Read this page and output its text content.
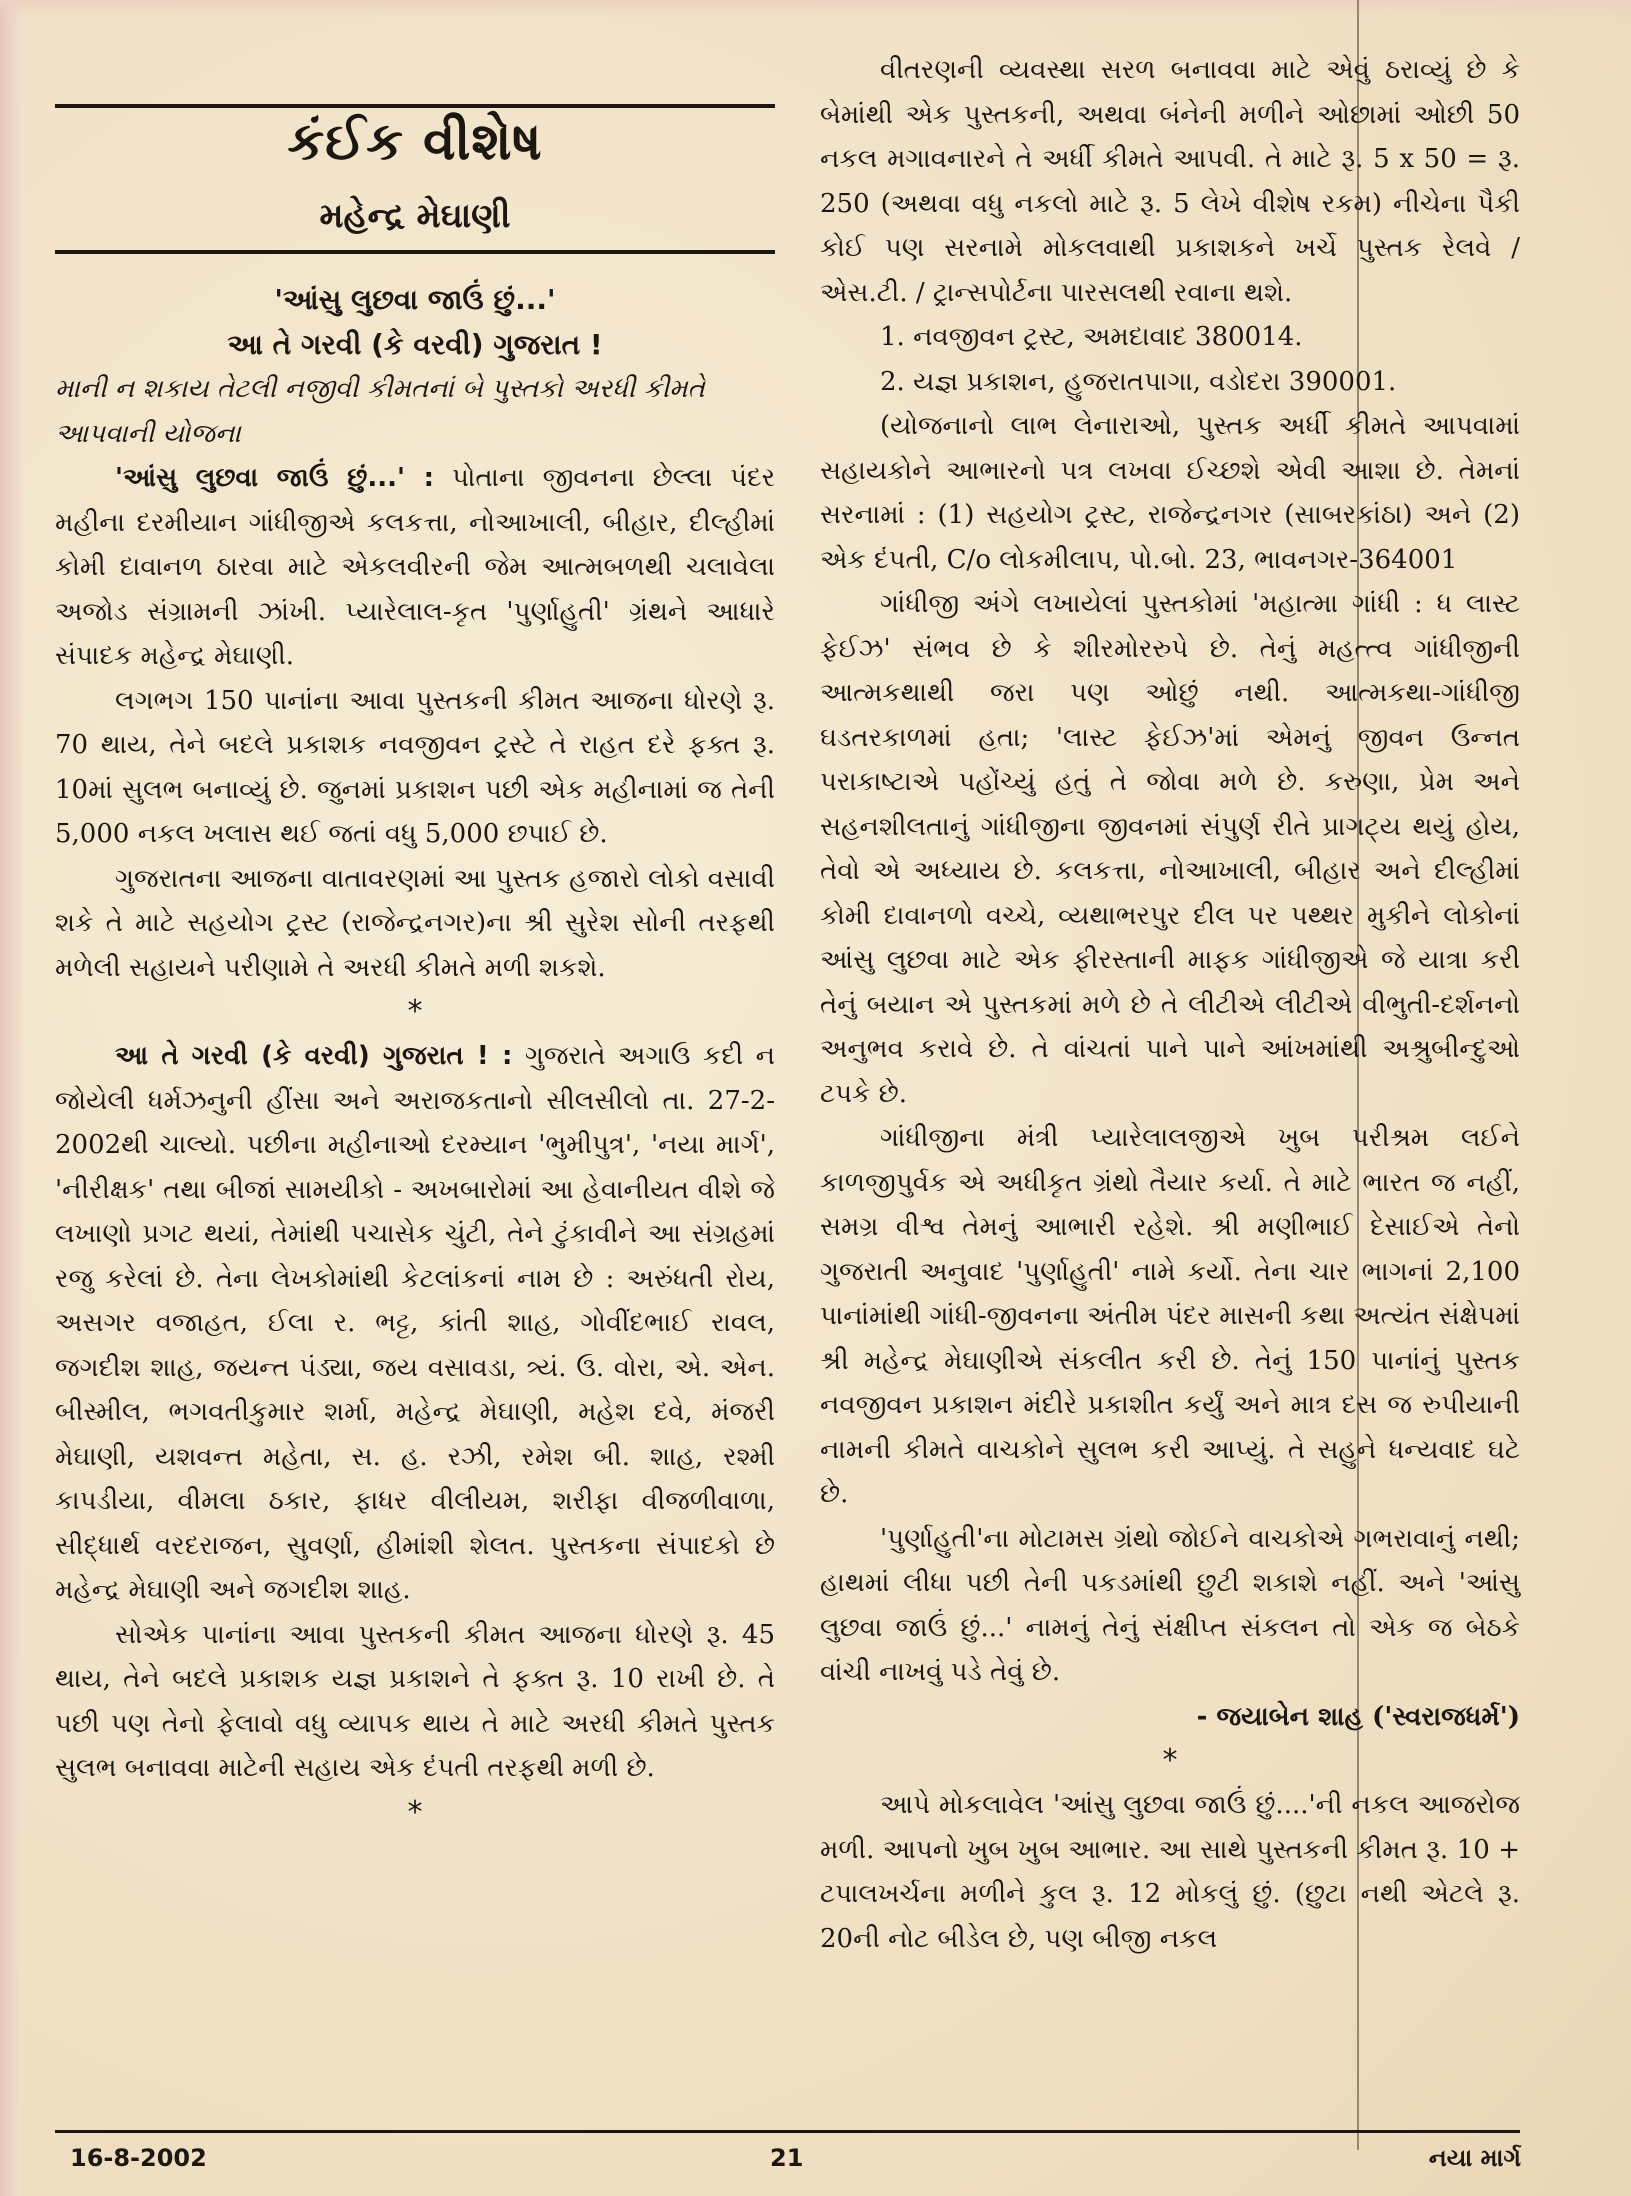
કંઈક વીશેષ
મહેન્દ્ર મેઘાણી

'આંસુ લુછવા જાઉં છું...'

આ તે ગરવી (કે વરવી) ગુજરાત !

માની ન શકાય તેટલી નજીવી કીમતનાં બે પુસ્તકો અરધી કીમતે આપવાની યોજના

'આંસુ લુછવા જાઉં છું...' : પોતાના જીવનના છેલ્લા પંદર મહીના દરમીયાન ગાંધીજીએ કલકત્તા, નોઆખાલી, બીહાર, દીલ્હીમાં કોમી દાવાનળ ઠારવા માટે એકલવીરની જેમ આત્મબળથી ચલાવેલા અજોડ સંગ્રામની ઝાંખી. પ્યારેલાલ-કૃત 'પુર્ણાહુતી' ગ્રંથને આધારે સંપાદક મહેન્દ્ર મેઘાણી.

લગભગ 150 પાનાંના આવા પુસ્તકની કીમત આજના ધોરણે રૂ. 70 થાય, તેને બદલે પ્રકાશક નવજીવન ટ્રસ્ટે તે રાહત દરે ફક્ત રૂ. 10માં સુલભ બનાવ્યું છે. જુનમાં પ્રકાશન પછી એક મહીનામાં જ તેની 5,000 નકલ ખલાસ થઈ જતાં વધુ 5,000 છપાઈ છે.

ગુજરાતના આજના વાતાવરણમાં આ પુસ્તક હજારો લોકો વસાવી શકે તે માટે સહયોગ ટ્રસ્ટ (રાજેન્દ્રનગર)ના શ્રી સુરેશ સોની તરફથી મળેલી સહાયને પરીણામે તે અરધી કીમતે મળી શકશે.

*

આ તે ગરવી (કે વરવી) ગુજરાત ! : ગુજરાતે અગાઉ કદી ન જોયેલી ધર્મઝનુની હીંસા અને અરાજકતાનો સીલસીલો તા. 27-2-2002થી ચાલ્યો. પછીના મહીનાઓ દરમ્યાન 'ભુમીપુત્ર', 'નયા માર્ગ', 'નીરીક્ષક' તથા બીજાં સામયીકો - અખબારોમાં આ હેવાનીયત વીશે જે લખાણો પ્રગટ થયાં, તેમાંથી પચાસેક ચુંટી, તેને ટુંકાવીને આ સંગ્રહમાં રજુ કરેલાં છે. તેના લેખકોમાંથી કેટલાંકનાં નામ છે : અરુંધતી રોય, અસગર વજાહત, ઈલા ર. ભટ્ટ, કાંતી શાહ, ગોવીંદભાઈ રાવલ, જગદીશ શાહ, જયન્ત પંડ્યા, જય વસાવડા, ત્ર્યં. ઉ. વોરા, એ. એન. બીસ્મીલ, ભગવતીકુમાર શર્મા, મહેન્દ્ર મેઘાણી, મહેશ દવે, મંજરી મેઘાણી, યશવન્ત મહેતા, સ. હ. રઝી, રમેશ બી. શાહ, રશ્મી કાપડીયા, વીમલા ઠકાર, ફાધર વીલીયમ, શરીફા વીજળીવાળા, સીદ્ધાર્થ વરદરાજન, સુવર્ણા, હીમાંશી શેલત. પુસ્તકના સંપાદકો છે મહેન્દ્ર મેઘાણી અને જગદીશ શાહ.

સોએક પાનાંના આવા પુસ્તકની કીમત આજના ધોરણે રૂ. 45 થાય, તેને બદલે પ્રકાશક યજ્ઞ પ્રકાશને તે ફક્ત રૂ. 10 રાખી છે. તે પછી પણ તેનો ફેલાવો વધુ વ્યાપક થાય તે માટે અરધી કીમતે પુસ્તક સુલભ બનાવવા માટેની સહાય એક દંપતી તરફથી મળી છે.

*

વીતરણની વ્યવસ્થા સરળ બનાવવા માટે એવું ઠરાવ્યું છે કે બેમાંથી એક પુસ્તકની, અથવા બંનેની મળીને ઓછામાં ઓછી 50 નકલ મગાવનારને તે અર્ધી કીમતે આપવી. તે માટે રૂ. 5 x 50 = રૂ. 250 (અથવા વધુ નકલો માટે રૂ. 5 લેખે વીશેષ રકમ) નીચેના પૈકી કોઈ પણ સરનામે મોકલવાથી પ્રકાશકને ખર્ચે પુસ્તક રેલવે / એસ.ટી. / ટ્રાન્સપોર્ટના પારસલથી રવાના થશે.

1. નવજીવન ટ્રસ્ટ, અમદાવાદ 380014.

2. યજ્ઞ પ્રકાશન, હુજરાતપાગા, વડોદરા 390001.

(યોજનાનો લાભ લેનારાઓ, પુસ્તક અર્ધી કીમતે આપવામાં સહાયકોને આભારનો પત્ર લખવા ઈચ્છશે એવી આશા છે. તેમનાં સરનામાં : (1) સહયોગ ટ્રસ્ટ, રાજેન્દ્રનગર (સાબરકાંઠા) અને (2) એક દંપતી, C/o લોકમીલાપ, પો.બો. 23, ભાવનગર-364001

ગાંધીજી અંગે લખાયેલાં પુસ્તકોમાં 'મહાત્મા ગાંધી : ધ લાસ્ટ ફેઈઝ' સંભવ છે કે શીરમોરરુપે છે. તેનું મહત્ત્વ ગાંધીજીની આત્મકથાથી જરા પણ ઓછું નથી. આત્મકથા-ગાંધીજી ઘડતરકાળમાં હતા; 'લાસ્ટ ફેઈઝ'માં એમનું જીવન ઉન્નત પરાકાષ્ટાએ પહોંચ્યું હતું તે જોવા મળે છે. કરુણા, પ્રેમ અને સહનશીલતાનું ગાંધીજીના જીવનમાં સંપુર્ણ રીતે પ્રાગટ્ય થયું હોય, તેવો એ અધ્યાય છે. કલકત્તા, નોઆખાલી, બીહાર અને દીલ્હીમાં કોમી દાવાનળો વચ્ચે, વ્યથાભરપુર દીલ પર પથ્થર મુકીને લોકોનાં આંસુ લુછવા માટે એક ફીરસ્તાની માફક ગાંધીજીએ જે યાત્રા કરી તેનું બયાન એ પુસ્તકમાં મળે છે તે લીટીએ લીટીએ વીભુતી-દર્શનનો અનુભવ કરાવે છે. તે વાંચતાં પાને પાને આંખમાંથી અશ્રુબીન્દુઓ ટપકે છે.

ગાંધીજીના મંત્રી પ્યારેલાલજીએ ખુબ પરીશ્રમ લઈને કાળજીપુર્વક એ અધીકૃત ગ્રંથો તૈયાર કર્યા. તે માટે ભારત જ નહીં, સમગ્ર વીશ્વ તેમનું આભારી રહેશે. શ્રી મણીભાઈ દેસાઈએ તેનો ગુજરાતી અનુવાદ 'પુર્ણાહુતી' નામે કર્યો. તેના ચાર ભાગનાં 2,100 પાનાંમાંથી ગાંધી-જીવનના અંતીમ પંદર માસની કથા અત્યંત સંક્ષેપમાં શ્રી મહેન્દ્ર મેઘાણીએ સંકલીત કરી છે. તેનું 150 પાનાંનું પુસ્તક નવજીવન પ્રકાશન મંદીરે પ્રકાશીત કર્યું અને માત્ર દસ જ રુપીયાની નામની કીમતે વાચકોને સુલભ કરી આપ્યું. તે સહુને ધન્યવાદ ઘટે છે.

'પુર્ણાહુતી'ના મોટામસ ગ્રંથો જોઈને વાચકોએ ગભરાવાનું નથી; હાથમાં લીધા પછી તેની પકડમાંથી છુટી શકાશે નહીં. અને 'આંસુ લુછવા જાઉં છું...' નામનું તેનું સંક્ષીપ્ત સંકલન તો એક જ બેઠકે વાંચી નાખવું પડે તેવું છે.

- જયાબેન શાહ ('સ્વરાજધર્મ')

*

આપે મોકલાવેલ 'આંસુ લુછવા જાઉં છું....'ની નકલ આજરોજ મળી. આપનો ખુબ ખુબ આભાર. આ સાથે પુસ્તકની કીમત રૂ. 10 + ટપાલખર્ચના મળીને કુલ રૂ. 12 મોકલું છું. (છુટા નથી એટલે રૂ. 20ની નોટ બીડેલ છે, પણ બીજી નકલ

16-8-2002	21	નયા માર્ગ
